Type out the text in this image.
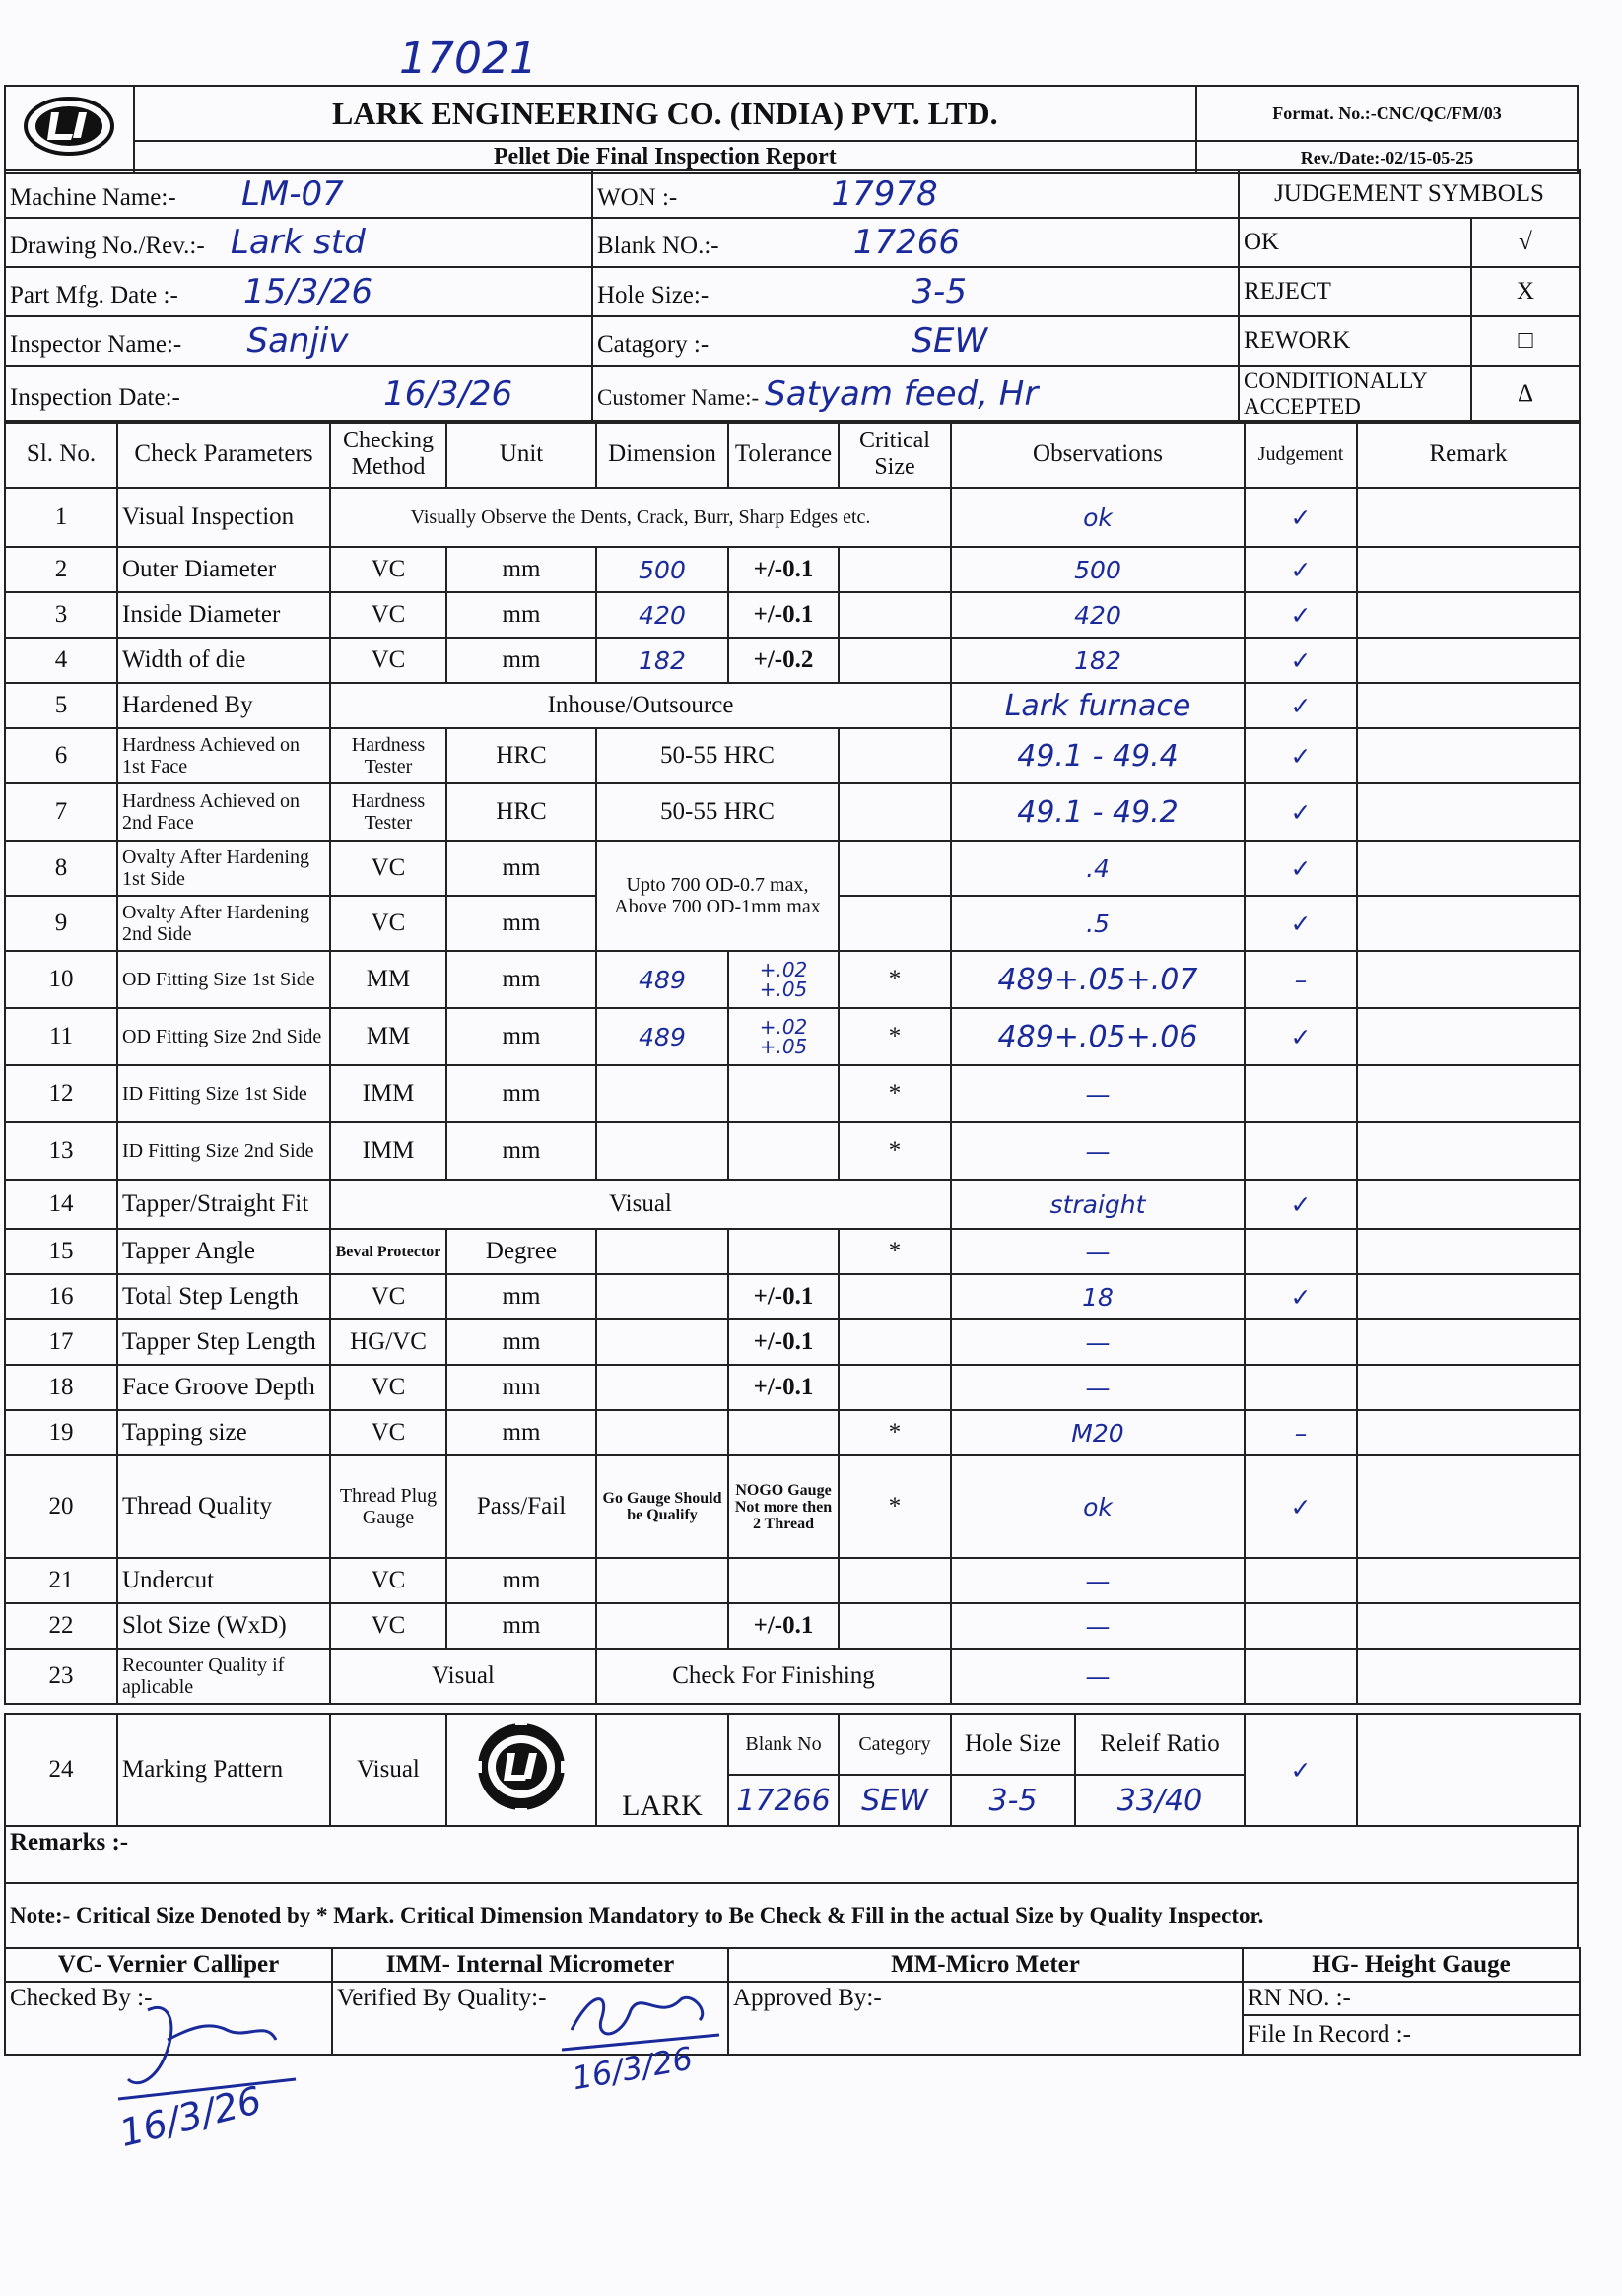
17021
	LARK ENGINEERING CO. (INDIA) PVT. LTD.	Format. No.:-CNC/QC/FM/03
	Pellet Die Final Inspection Report	Rev./Date:-02/15-05-25
Machine Name:- LM-07	WON :- 17978	JUDGEMENT SYMBOLS	
Drawing No./Rev.:- Lark std	Blank NO.:- 17266	OK	√
Part Mfg. Date :- 15/3/26	Hole Size:- 3-5	REJECT	X
Inspector Name:- Sanjiv	Catagory :- SEW	REWORK	□
Inspection Date:- 16/3/26	Customer Name:- Satyam feed, Hr	CONDITIONALLY ACCEPTED	Δ
Sl. No.	Check Parameters	Checking Method	Unit	Dimension	Tolerance	Critical Size	Observations	Judgement	Remark
1	Visual Inspection	Visually Observe the Dents, Crack, Burr, Sharp Edges etc.					ok	✓	
2	Outer Diameter	VC	mm	500	+/-0.1		500	✓	
3	Inside Diameter	VC	mm	420	+/-0.1		420	✓	
4	Width of die	VC	mm	182	+/-0.2		182	✓	
5	Hardened By	Inhouse/Outsource					Lark furnace	✓	
6	Hardness Achieved on 1st Face	Hardness Tester	HRC	50-55 HRC			49.1 - 49.4	✓	
7	Hardness Achieved on 2nd Face	Hardness Tester	HRC	50-55 HRC			49.1 - 49.2	✓	
8	Ovalty After Hardening 1st Side	VC	mm	Upto 700 OD-0.7 max, Above 700 OD-1mm max			.4	✓	
9	Ovalty After Hardening 2nd Side	VC	mm				.5	✓	
10	OD Fitting Size 1st Side	MM	mm	489	+.02 +.05	*	489+.05+.07	–	
11	OD Fitting Size 2nd Side	MM	mm	489	+.02 +.05	*	489+.05+.06	✓	
12	ID Fitting Size 1st Side	IMM	mm			*	—		
13	ID Fitting Size 2nd Side	IMM	mm			*	—		
14	Tapper/Straight Fit	Visual					straight	✓	
15	Tapper Angle	Beval Protector	Degree			*	—		
16	Total Step Length	VC	mm		+/-0.1		18	✓	
17	Tapper Step Length	HG/VC	mm		+/-0.1		—		
18	Face Groove Depth	VC	mm		+/-0.1		—		
19	Tapping size	VC	mm			*	M20	–	
20	Thread Quality	Thread Plug Gauge	Pass/Fail	Go Gauge Should be Qualify	NOGO Gauge Not more then 2 Thread	*	ok	✓	
21	Undercut	VC	mm				—		
22	Slot Size (WxD)	VC	mm		+/-0.1		—		
23	Recounter Quality if aplicable	Visual		Check For Finishing			—		
24	Marking Pattern	Visual		LARK	Blank No	Category	Hole Size	Releif Ratio	✓	
					17266	SEW	3-5	33/40		
Remarks :-
Note:- Critical Size Denoted by * Mark. Critical Dimension Mandatory to Be Check & Fill in the actual Size by Quality Inspector.
VC- Vernier Calliper	IMM- Internal Micrometer	MM-Micro Meter	HG- Height Gauge
Checked By :-	Verified By Quality:-	Approved By:-	RN NO. :-
			File In Record :-
16/3/26
16/3/26
